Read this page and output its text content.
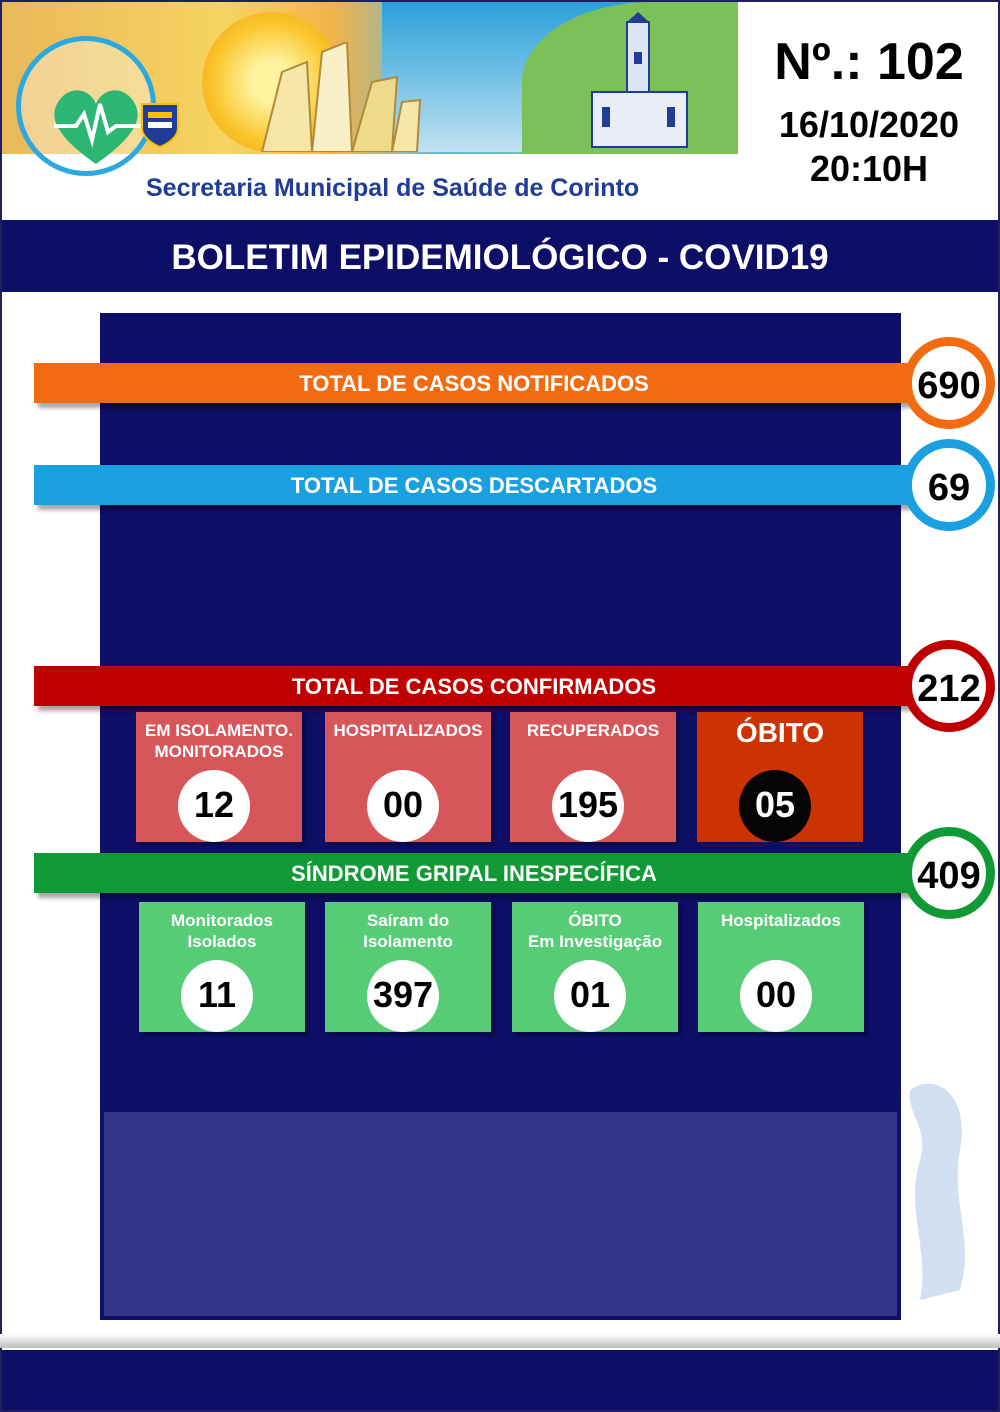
Secretaria Municipal de Saúde de Corinto
Nº.: 102
16/10/2020
20:10H
BOLETIM EPIDEMIOLÓGICO - COVID19
TOTAL DE CASOS NOTIFICADOS	690
TOTAL DE CASOS DESCARTADOS	69
TOTAL DE CASOS CONFIRMADOS	212
EM ISOLAMENTO.
MONITORADOS
12
HOSPITALIZADOS
00
RECUPERADOS
195
ÓBITO
05
SÍNDROME GRIPAL INESPECÍFICA	409
Monitorados
Isolados
11
Saíram do
Isolamento
397
ÓBITO
Em Investigação
01
Hospitalizados
00
